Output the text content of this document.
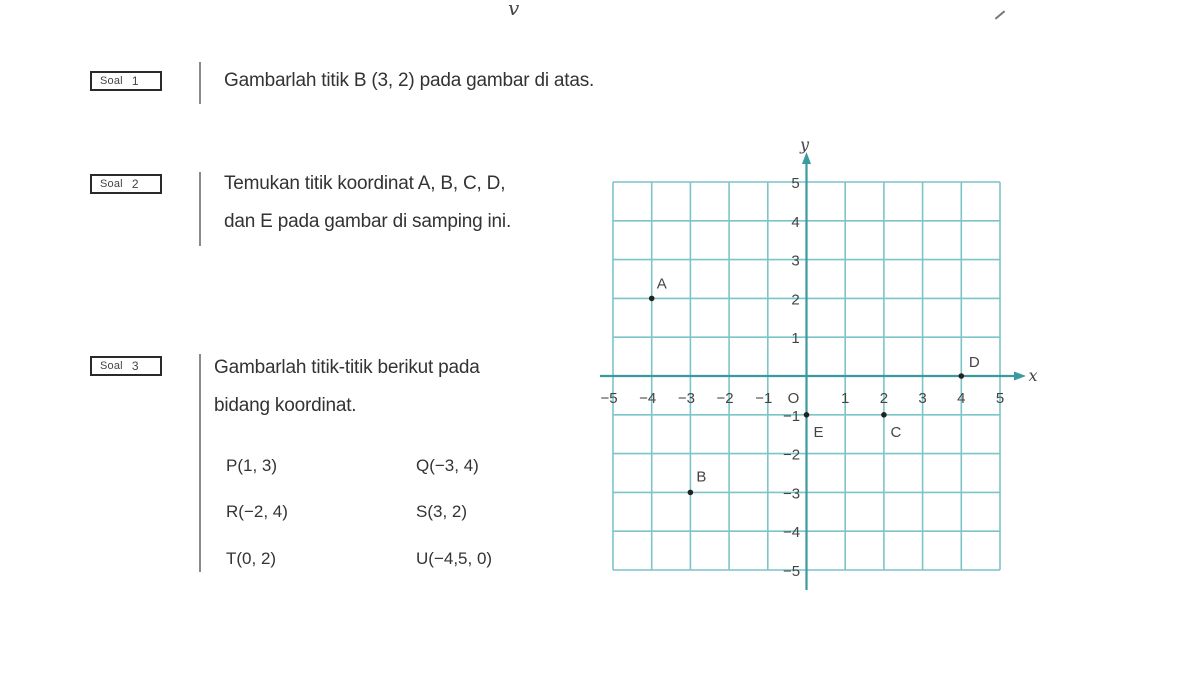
v
Soal 1	Gambarlah titik B (3, 2) pada gambar di atas.
Soal 2	Temukan titik koordinat A, B, C, D,
dan E pada gambar di samping ini.
Soal 3	Gambarlah titik-titik berikut pada
bidang koordinat.
P(1, 3)	Q(−3, 4)
R(−2, 4)	S(3, 2)
T(0, 2)	U(−4,5, 0)
x
y
O
−5 −4 −3 −2 −1	1 2 3 4 5
5
4
3
2
1
−1
−2
−3
−4
−5
A
B
C
D
E
